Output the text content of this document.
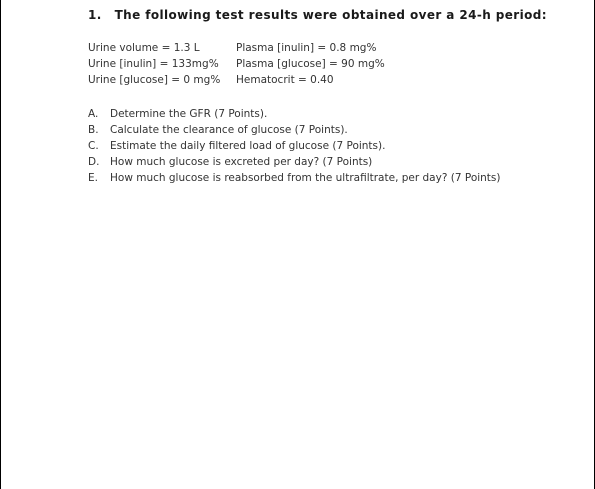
1. The following test results were obtained over a 24-h period:
Urine volume = 1.3 L	Plasma [inulin] = 0.8 mg%
Urine [inulin] = 133mg%	Plasma [glucose] = 90 mg%
Urine [glucose] = 0 mg%	Hematocrit = 0.40
A.	Determine the GFR (7 Points).
B.	Calculate the clearance of glucose (7 Points).
C.	Estimate the daily filtered load of glucose (7 Points).
D.	How much glucose is excreted per day? (7 Points)
E.	How much glucose is reabsorbed from the ultrafiltrate, per day? (7 Points)
